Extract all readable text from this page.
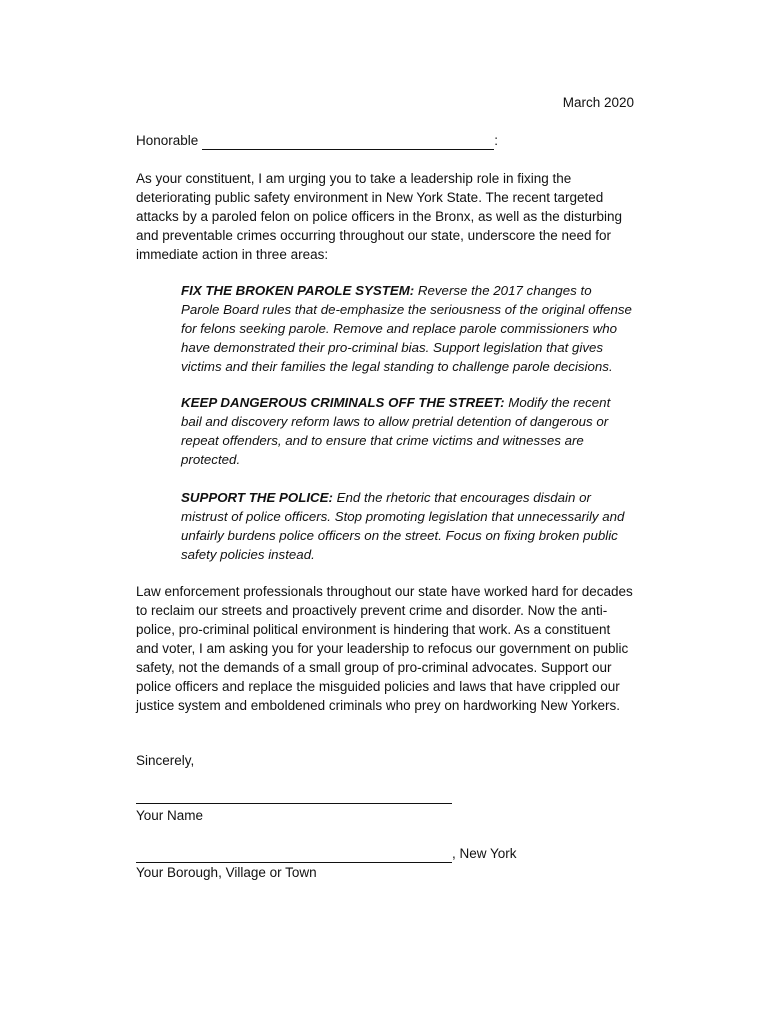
March 2020
Honorable	:

As your constituent, I am urging you to take a leadership role in fixing the deteriorating public safety environment in New York State. The recent targeted attacks by a paroled felon on police officers in the Bronx, as well as the disturbing and preventable crimes occurring throughout our state, underscore the need for immediate action in three areas:

FIX THE BROKEN PAROLE SYSTEM: Reverse the 2017 changes to Parole Board rules that de-emphasize the seriousness of the original offense for felons seeking parole. Remove and replace parole commissioners who have demonstrated their pro-criminal bias. Support legislation that gives victims and their families the legal standing to challenge parole decisions.

KEEP DANGEROUS CRIMINALS OFF THE STREET: Modify the recent bail and discovery reform laws to allow pretrial detention of dangerous or repeat offenders, and to ensure that crime victims and witnesses are protected.

SUPPORT THE POLICE: End the rhetoric that encourages disdain or mistrust of police officers. Stop promoting legislation that unnecessarily and unfairly burdens police officers on the street. Focus on fixing broken public safety policies instead.

Law enforcement professionals throughout our state have worked hard for decades to reclaim our streets and proactively prevent crime and disorder. Now the anti-police, pro-criminal political environment is hindering that work. As a constituent and voter, I am asking you for your leadership to refocus our government on public safety, not the demands of a small group of pro-criminal advocates. Support our police officers and replace the misguided policies and laws that have crippled our justice system and emboldened criminals who prey on hardworking New Yorkers.

Sincerely,
Your Name
, New York
Your Borough, Village or Town
